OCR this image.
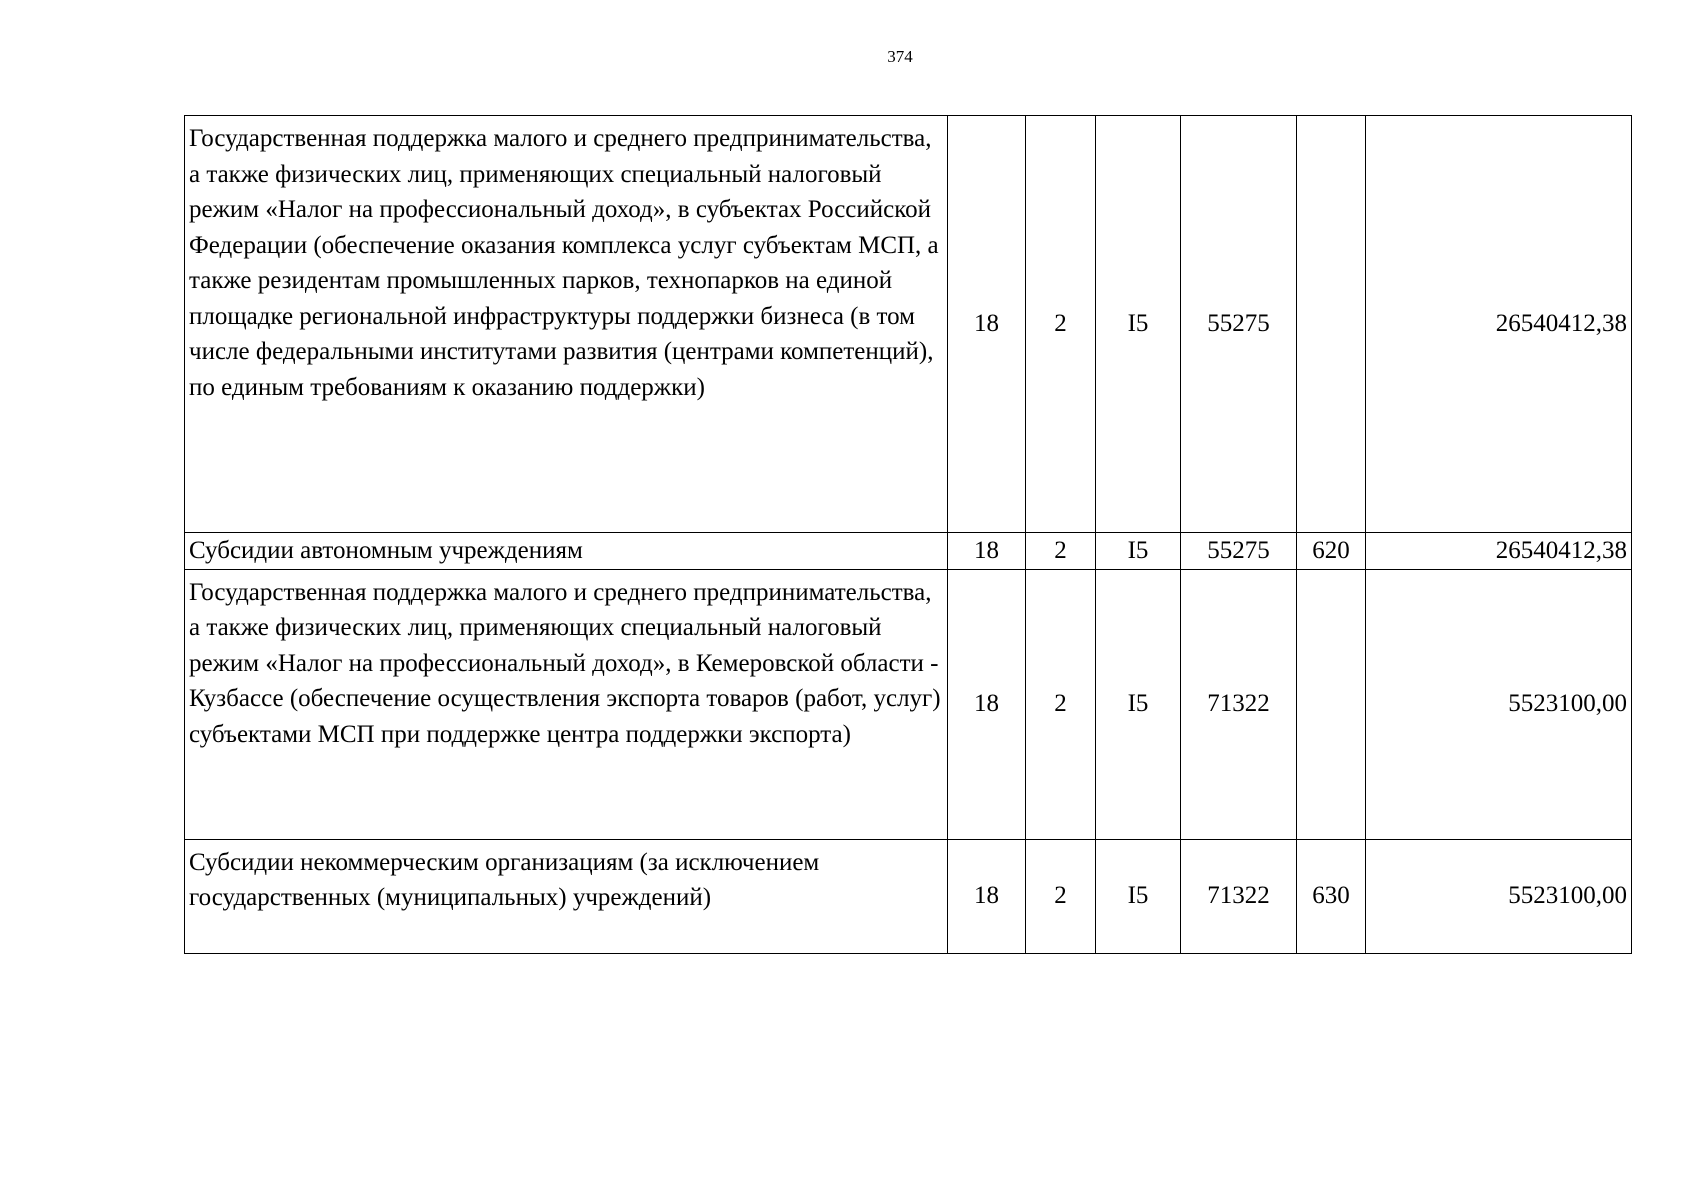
374
Государственная поддержка малого и среднего предпринимательства, а также физических лиц, применяющих специальный налоговый режим «Налог на профессиональный доход», в субъектах Российской Федерации (обеспечение оказания комплекса услуг субъектам МСП, а также резидентам промышленных парков, технопарков на единой площадке региональной инфраструктуры поддержки бизнеса (в том числе федеральными институтами развития (центрами компетенций), по единым требованиям к оказанию поддержки)	18	2	I5	55275		26540412,38
Субсидии автономным учреждениям	18	2	I5	55275	620	26540412,38
Государственная поддержка малого и среднего предпринимательства, а также физических лиц, применяющих специальный налоговый режим «Налог на профессиональный доход», в Кемеровской области - Кузбассе (обеспечение осуществления экспорта товаров (работ, услуг) субъектами МСП при поддержке центра поддержки экспорта)	18	2	I5	71322		5523100,00
Субсидии некоммерческим организациям (за исключением государственных (муниципальных) учреждений)	18	2	I5	71322	630	5523100,00
